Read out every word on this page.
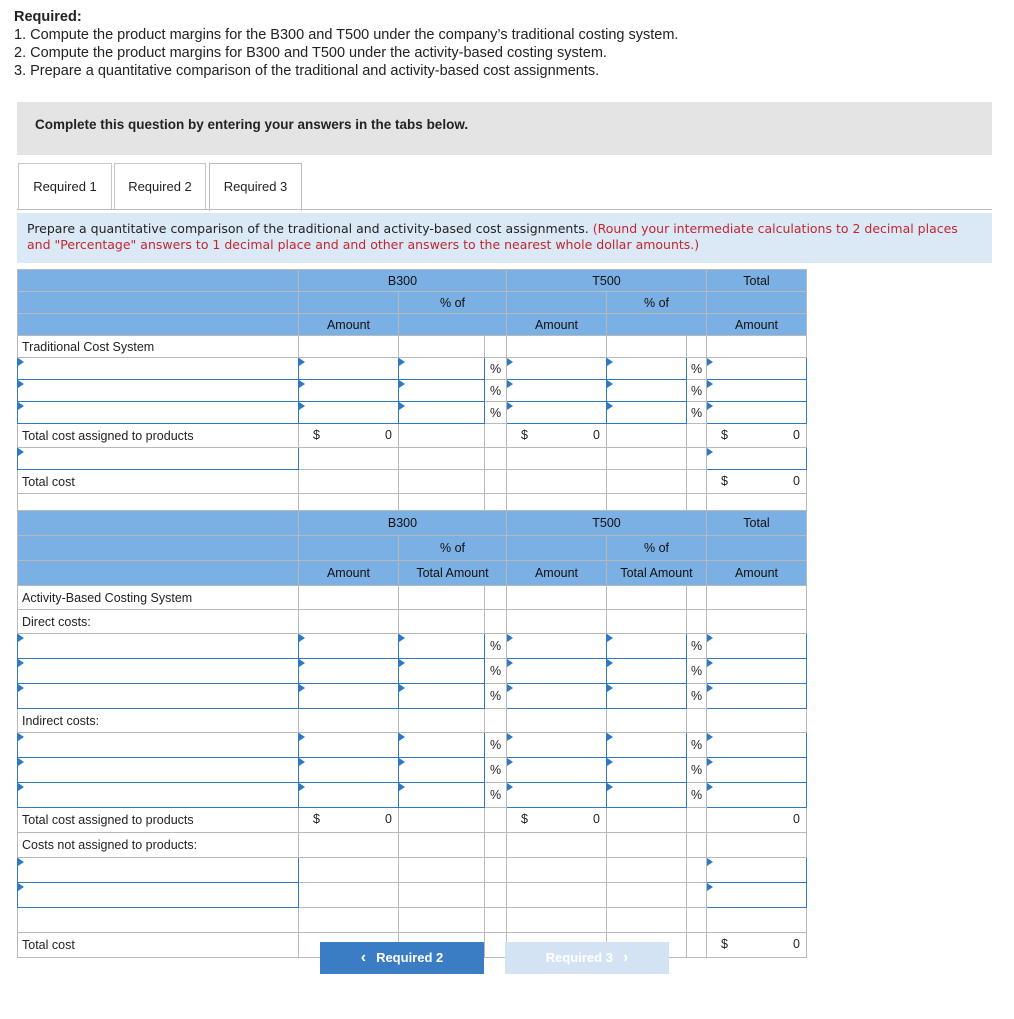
Required:
1. Compute the product margins for the B300 and T500 under the company’s traditional costing system.
2. Compute the product margins for B300 and T500 under the activity-based costing system.
3. Prepare a quantitative comparison of the traditional and activity-based cost assignments.
Complete this question by entering your answers in the tabs below.
Required 1	Required 2	Required 3
Prepare a quantitative comparison of the traditional and activity-based cost assignments. (Round your intermediate calculations to 2 decimal places and "Percentage" answers to 1 decimal place and and other answers to the nearest whole dollar amounts.)
	B300			T500			Total
		% of			% of		
	Amount			Amount			Amount
Traditional Cost System							
			%			%	
			%			%	
			%			%	
Total cost assigned to products	$ 0			$ 0			$ 0

Total cost							$ 0

	B300			T500			Total
		% of			% of		
	Amount	Total Amount		Amount	Total Amount		Amount
Activity-Based Costing System							
Direct costs:							
			%			%	
			%			%	
			%			%	
Indirect costs:							
			%			%	
			%			%	
			%			%	
Total cost assigned to products	$ 0			$ 0			0

Costs not assigned to products:							

Total cost							$ 0
‹ Required 2	Required 3 ›
